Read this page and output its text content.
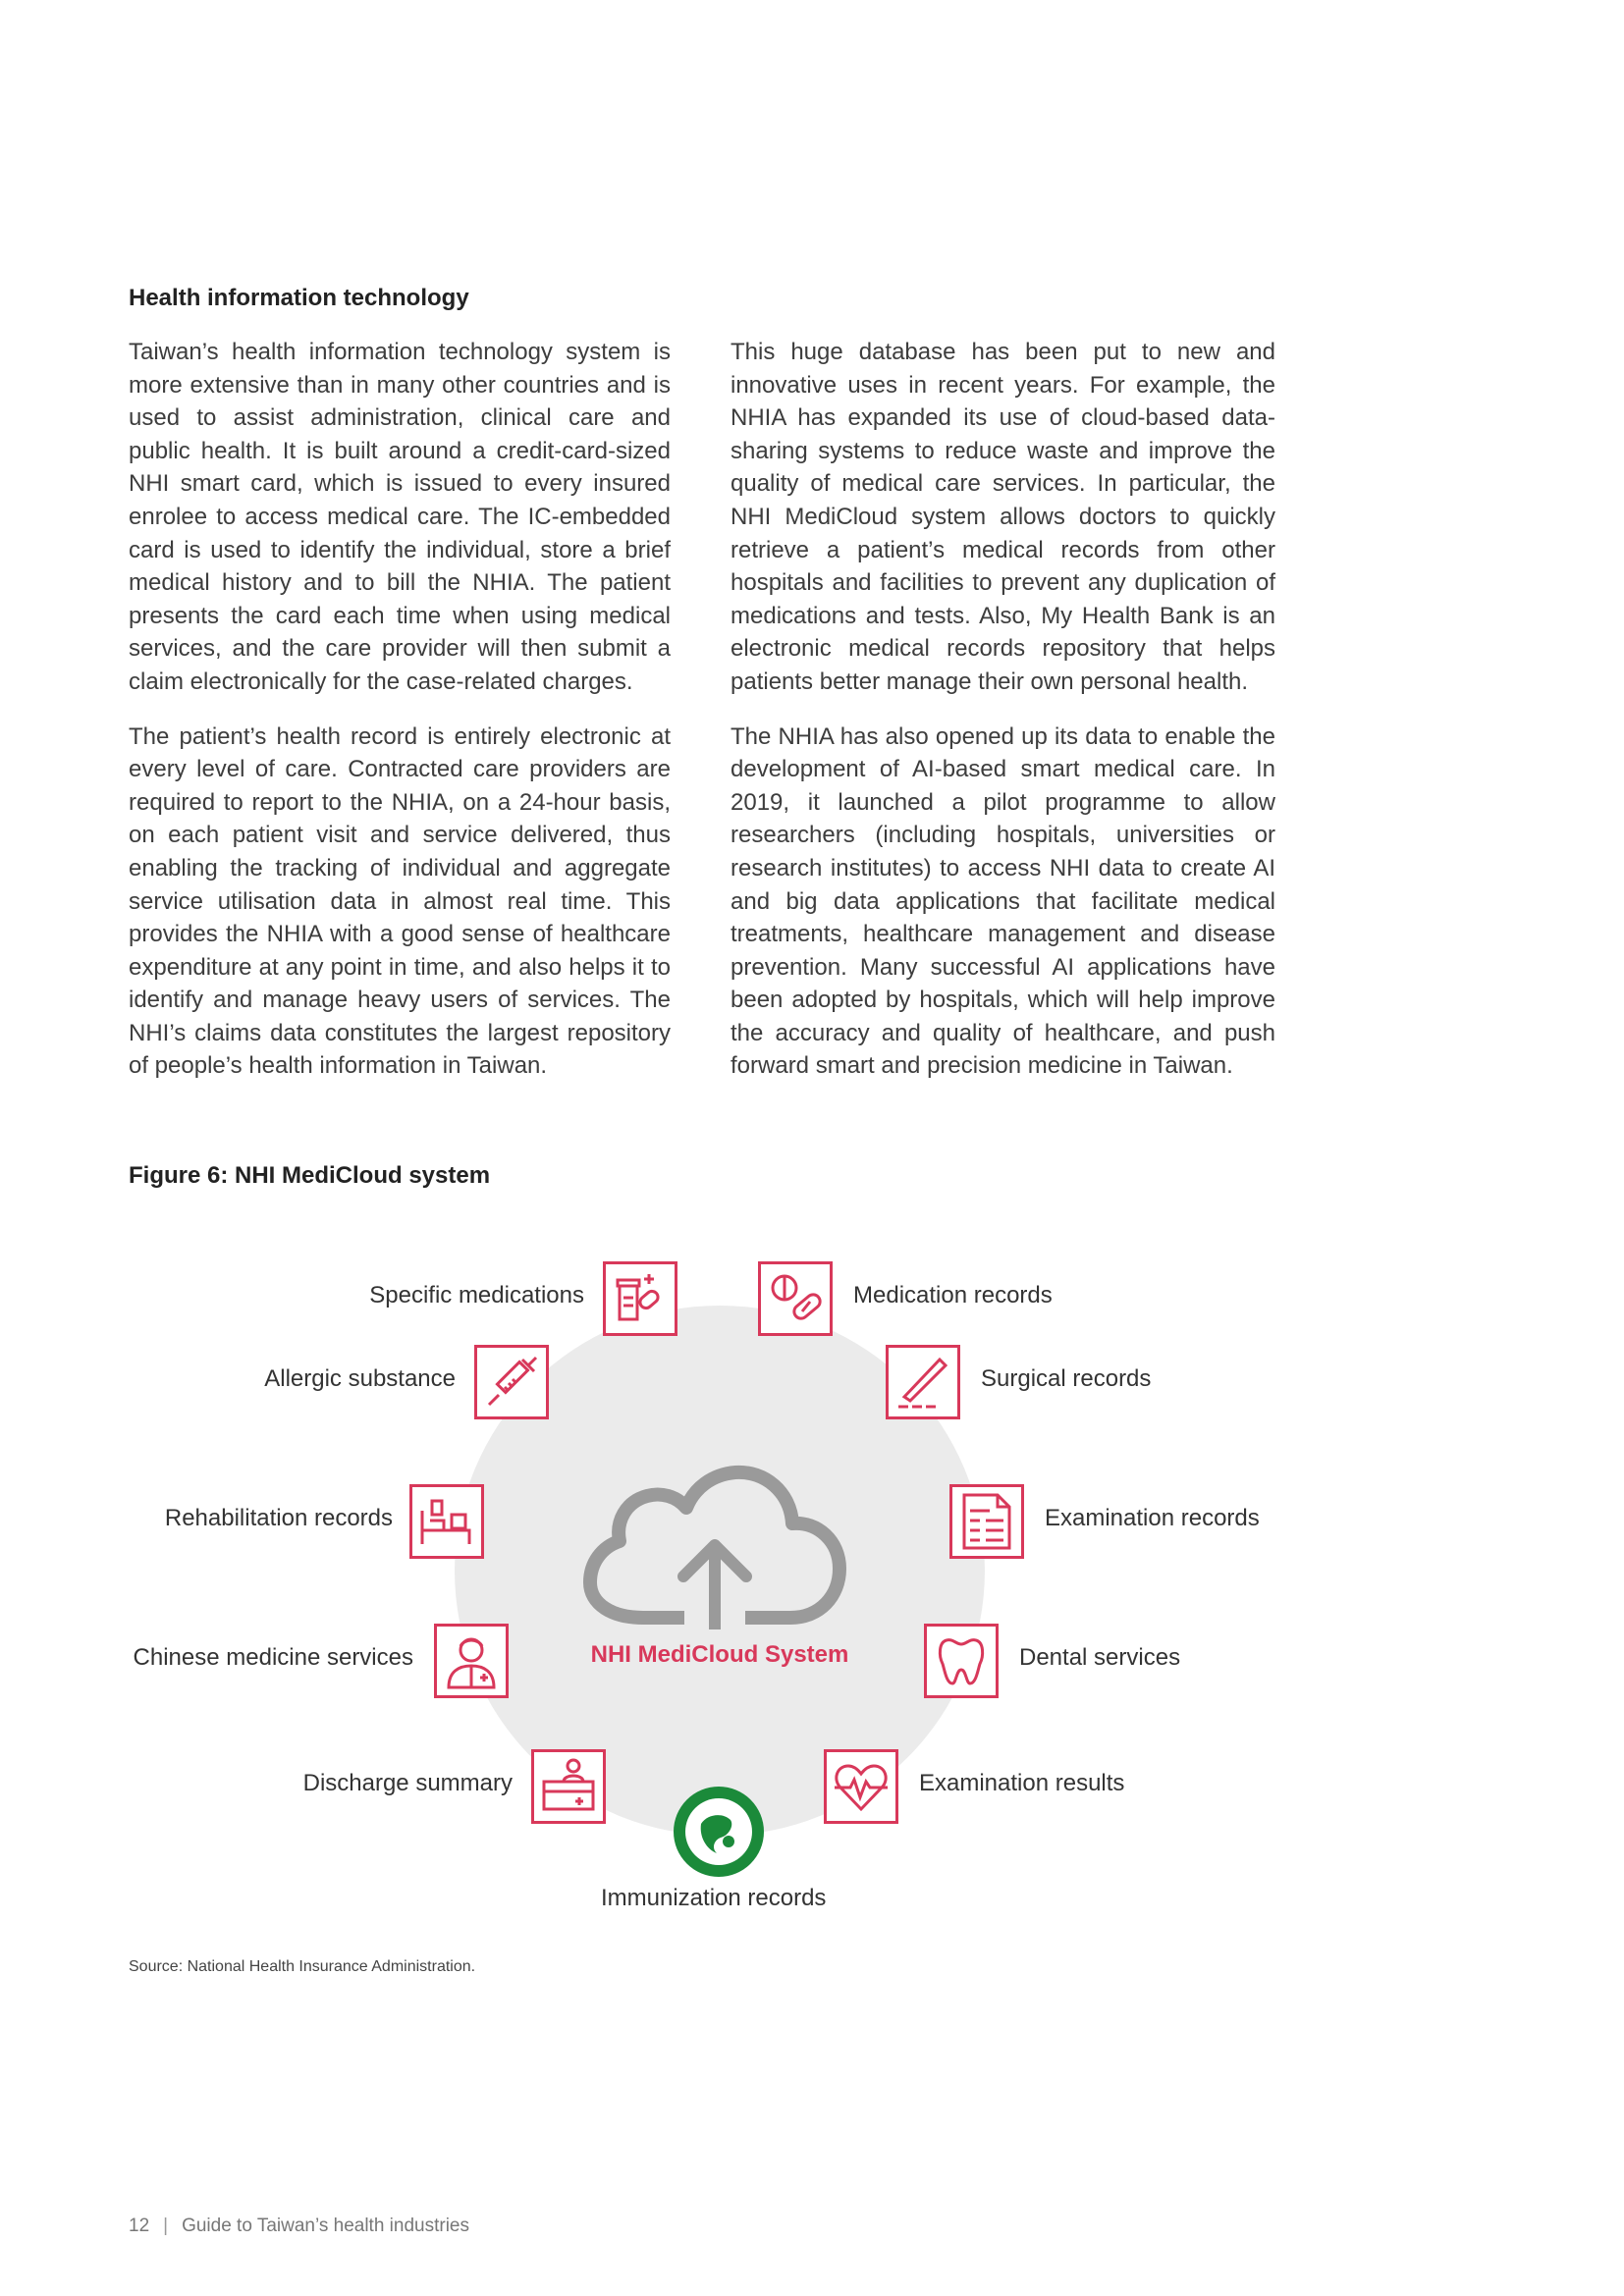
Health information technology

Taiwan’s health information technology system is more extensive than in many other countries and is used to assist administration, clinical care and public health. It is built around a credit-card-sized NHI smart card, which is issued to every insured enrolee to access medical care. The IC-embedded card is used to identify the individual, store a brief medical history and to bill the NHIA. The patient presents the card each time when using medical services, and the care provider will then submit a claim electronically for the case-related charges.

The patient’s health record is entirely electronic at every level of care. Contracted care providers are required to report to the NHIA, on a 24-hour basis, on each patient visit and service delivered, thus enabling the tracking of individual and aggregate service utilisation data in almost real time. This provides the NHIA with a good sense of healthcare expenditure at any point in time, and also helps it to identify and manage heavy users of services. The NHI’s claims data constitutes the largest repository of people’s health information in Taiwan.

This huge database has been put to new and innovative uses in recent years. For example, the NHIA has expanded its use of cloud-based data-sharing systems to reduce waste and improve the quality of medical care services. In particular, the NHI MediCloud system allows doctors to quickly retrieve a patient’s medical records from other hospitals and facilities to prevent any duplication of medications and tests. Also, My Health Bank is an electronic medical records repository that helps patients better manage their own personal health.

The NHIA has also opened up its data to enable the development of AI-based smart medical care. In 2019, it launched a pilot programme to allow researchers (including hospitals, universities or research institutes) to access NHI data to create AI and big data applications that facilitate medical treatments, healthcare management and disease prevention. Many successful AI applications have been adopted by hospitals, which will help improve the accuracy and quality of healthcare, and push forward smart and precision medicine in Taiwan.

Figure 6: NHI MediCloud system
NHI MediCloud System
Specific medications	Medication records
Allergic substance	Surgical records
Rehabilitation records	Examination records
Chinese medicine services	Dental services
Discharge summary	Examination results
Immunization records
Source: National Health Insurance Administration.
12 | Guide to Taiwan’s health industries
